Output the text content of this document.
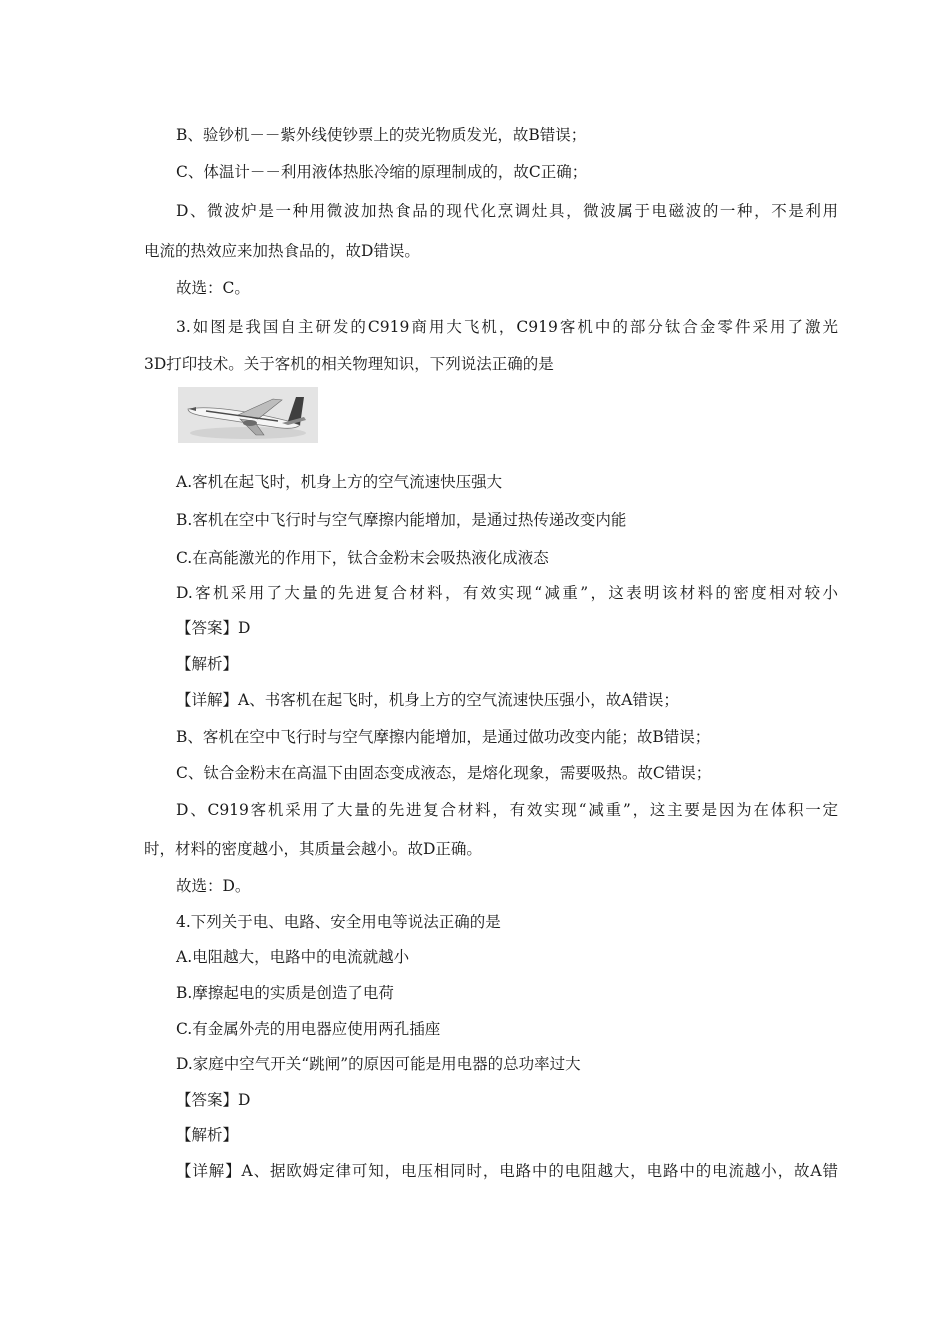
B、验钞机－－紫外线使钞票上的荧光物质发光，故B错误；
C、体温计－－利用液体热胀冷缩的原理制成的，故C正确；
D、微波炉是一种用微波加热食品的现代化烹调灶具，微波属于电磁波的一种，不是利用
电流的热效应来加热食品的，故D错误。
故选：C。
3.如图是我国自主研发的C919商用大飞机，C919客机中的部分钛合金零件采用了激光
3D打印技术。关于客机的相关物理知识，下列说法正确的是
A.客机在起飞时，机身上方的空气流速快压强大
B.客机在空中飞行时与空气摩擦内能增加，是通过热传递改变内能
C.在高能激光的作用下，钛合金粉末会吸热液化成液态
D.客机采用了大量的先进复合材料，有效实现“减重”，这表明该材料的密度相对较小
【答案】D
【解析】
【详解】A、书客机在起飞时，机身上方的空气流速快压强小，故A错误；
B、客机在空中飞行时与空气摩擦内能增加，是通过做功改变内能；故B错误；
C、钛合金粉末在高温下由固态变成液态，是熔化现象，需要吸热。故C错误；
D、C919客机采用了大量的先进复合材料，有效实现“减重”，这主要是因为在体积一定
时，材料的密度越小，其质量会越小。故D正确。
故选：D。
4.下列关于电、电路、安全用电等说法正确的是
A.电阻越大，电路中的电流就越小
B.摩擦起电的实质是创造了电荷
C.有金属外壳的用电器应使用两孔插座
D.家庭中空气开关“跳闸”的原因可能是用电器的总功率过大
【答案】D
【解析】
【详解】A、据欧姆定律可知，电压相同时，电路中的电阻越大，电路中的电流越小，故A错
